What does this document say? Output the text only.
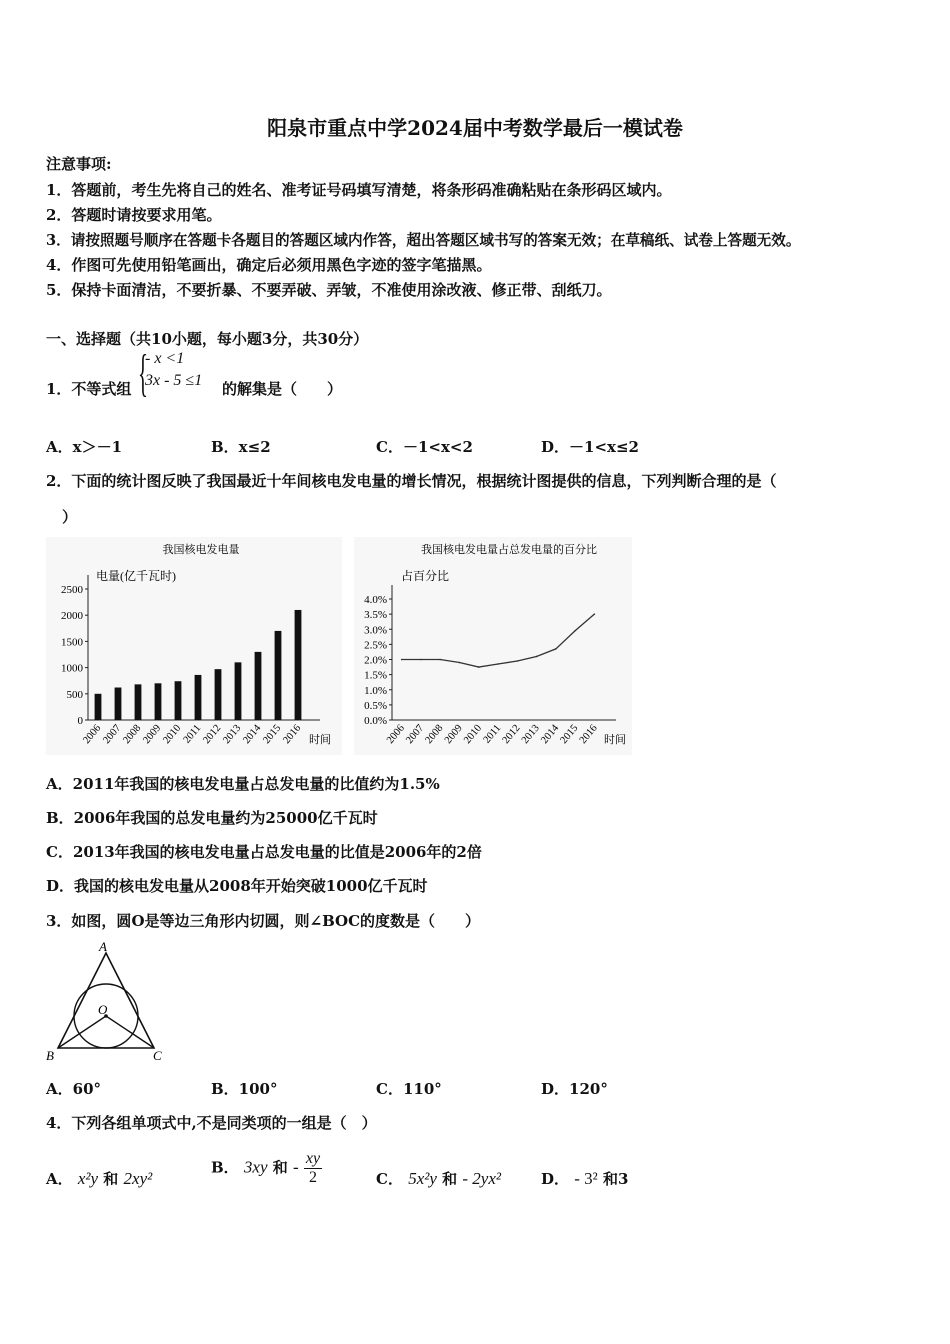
阳泉市重点中学2024届中考数学最后一模试卷
注意事项:
1．答题前，考生先将自己的姓名、准考证号码填写清楚，将条形码准确粘贴在条形码区域内。
2．答题时请按要求用笔。
3．请按照题号顺序在答题卡各题目的答题区域内作答，超出答题区域书写的答案无效；在草稿纸、试卷上答题无效。
4．作图可先使用铅笔画出，确定后必须用黑色字迹的签字笔描黑。
5．保持卡面清洁，不要折暴、不要弄破、弄皱，不准使用涂改液、修正带、刮纸刀。
一、选择题（共10小题，每小题3分，共30分）
1．不等式组 {
- x <1
3x - 5 ≤1 的解集是（　　）
A．x＞－1	B．x≤2	C．－1<x<2	D．－1<x≤2
2．下面的统计图反映了我国最近十年间核电发电量的增长情况，根据统计图提供的信息，下列判断合理的是（
）
我国核电发电量
电量(亿千瓦时)
0
500
1000
1500
2000
2500
2006
2007
2008
2009
2010
2011
2012
2013
2014
2015
2016 时间
我国核电发电量占总发电量的百分比
占百分比
0.0%
0.5%
1.0%
1.5%
2.0%
2.5%
3.0%
3.5%
4.0%
2006
2007
2008
2009
2010
2011
2012
2013
2014
2015
2016 时间
A．2011年我国的核电发电量占总发电量的比值约为1.5%
B．2006年我国的总发电量约为25000亿千瓦时
C．2013年我国的核电发电量占总发电量的比值是2006年的2倍
D．我国的核电发电量从2008年开始突破1000亿千瓦时
3．如图，圆O是等边三角形内切圆，则∠BOC的度数是（　　）
A
B	C
O
A．60°	B．100°	C．110°	D．120°
4．下列各组单项式中,不是同类项的一组是（　）
A． x²y 和 2xy²
B． 3xy 和 - $\frac{xy}{2}$	C． 5x²y 和 - 2yx²	D． - 3² 和3
